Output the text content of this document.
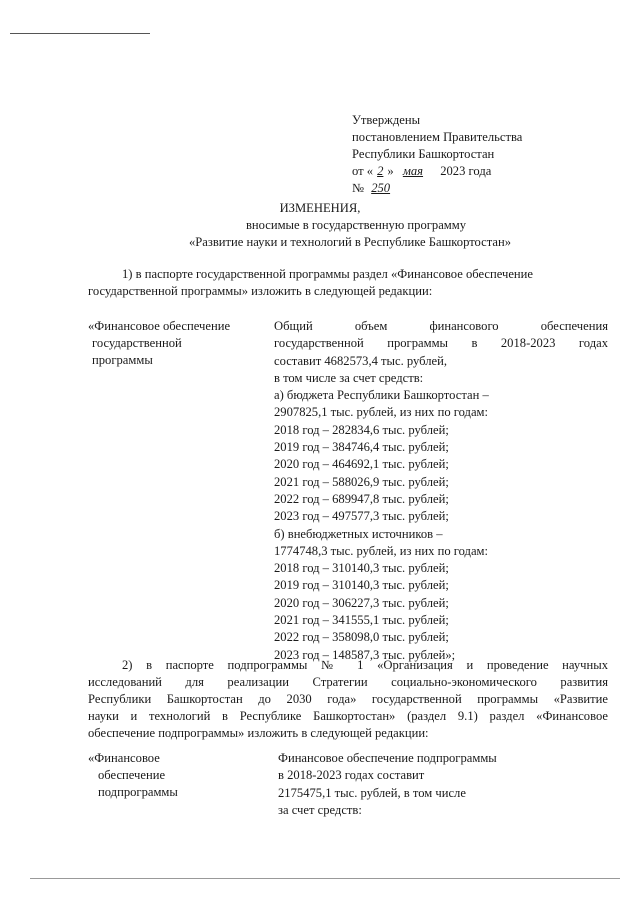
Утверждены
постановлением Правительства
Республики Башкортостан
от « 2 » мая 2023 года
№ 250
ИЗМЕНЕНИЯ,
вносимые в государственную программу
«Развитие науки и технологий в Республике Башкортостан»
1) в паспорте государственной программы раздел «Финансовое обеспечение
государственной программы» изложить в следующей редакции:
«Финансовое обеспечение
государственной
программы
Общий объем финансового обеспечения
государственной программы в 2018-2023 годах
составит 4682573,4 тыс. рублей,
в том числе за счет средств:
а) бюджета Республики Башкортостан –
2907825,1 тыс. рублей, из них по годам:
2018 год – 282834,6 тыс. рублей;
2019 год – 384746,4 тыс. рублей;
2020 год – 464692,1 тыс. рублей;
2021 год – 588026,9 тыс. рублей;
2022 год – 689947,8 тыс. рублей;
2023 год – 497577,3 тыс. рублей;
б) внебюджетных источников –
1774748,3 тыс. рублей, из них по годам:
2018 год – 310140,3 тыс. рублей;
2019 год – 310140,3 тыс. рублей;
2020 год – 306227,3 тыс. рублей;
2021 год – 341555,1 тыс. рублей;
2022 год – 358098,0 тыс. рублей;
2023 год – 148587,3 тыс. рублей»;
2) в паспорте подпрограммы № 1 «Организация и проведение научных
исследований для реализации Стратегии социально-экономического развития
Республики Башкортостан до 2030 года» государственной программы «Развитие
науки и технологий в Республике Башкортостан» (раздел 9.1) раздел «Финансовое
обеспечение подпрограммы» изложить в следующей редакции:
«Финансовое
обеспечение
подпрограммы
Финансовое обеспечение подпрограммы
в 2018-2023 годах составит
2175475,1 тыс. рублей, в том числе
за счет средств:
